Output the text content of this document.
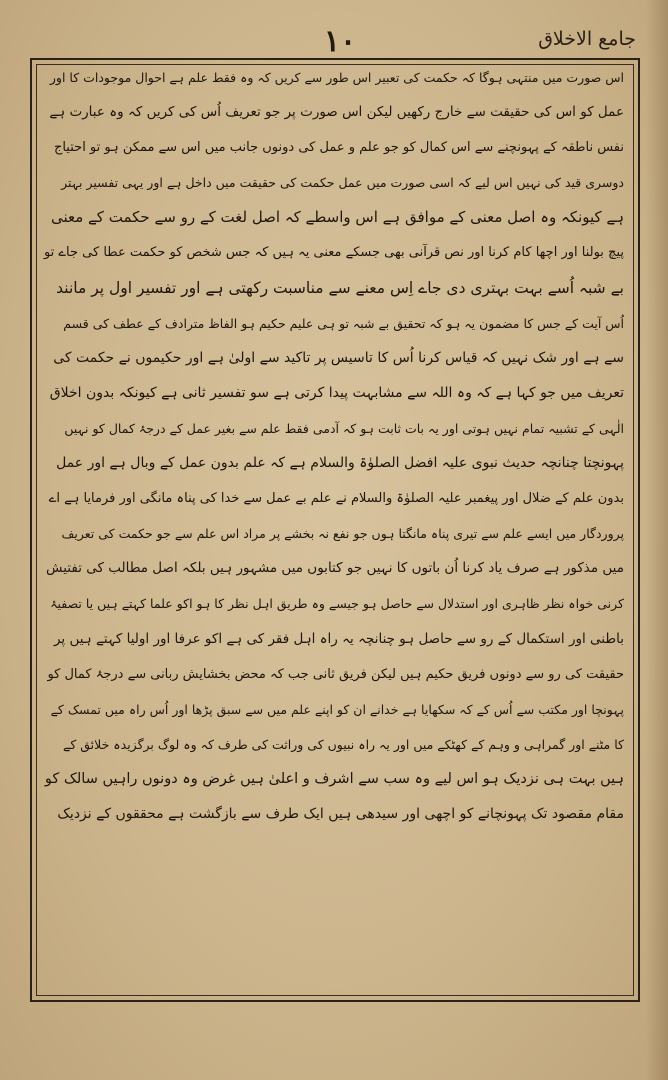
۱۰	جامع الاخلاق
اس صورت میں منتہی ہوگا کہ حکمت کی تعبیر اس طور سے کریں کہ وہ فقط علم ہے احوال موجودات کا اور
عمل کو اس کی حقیقت سے خارج رکھیں لیکن اس صورت پر جو تعریف اُس کی کریں کہ وہ عبارت ہے
نفس ناطقہ کے پہونچنے سے اس کمال کو جو علم و عمل کی دونوں جانب میں اس سے ممکن ہو تو احتیاج
دوسری قید کی نہیں اس لیے کہ اسی صورت میں عمل حکمت کی حقیقت میں داخل ہے اور یہی تفسیر بہتر
ہے کیونکہ وہ اصل معنی کے موافق ہے اس واسطے کہ اصل لغت کے رو سے حکمت کے معنی
پیچ بولنا اور اچھا کام کرنا اور نص قرآنی بھی جسکے معنی یہ ہیں کہ جس شخص کو حکمت عطا کی جاے تو
بے شبہ اُسے بہت بہتری دی جاے اِس معنے سے مناسبت رکھتی ہے اور تفسیر اول پر مانند
اُس آیت کے جس کا مضمون یہ ہو کہ تحقیق بے شبہ تو ہی علیم حکیم ہو الفاظ مترادف کے عطف کی قسم
سے ہے اور شک نہیں کہ قیاس کرنا اُس کا تاسیس پر تاکید سے اولیٰ ہے اور حکیموں نے حکمت کی
تعریف میں جو کہا ہے کہ وہ اللہ سے مشابہت پیدا کرتی ہے سو تفسیر ثانی ہے کیونکہ بدون اخلاق
الٰہی کے تشبیہ تمام نہیں ہوتی اور یہ بات ثابت ہو کہ آدمی فقط علم سے بغیر عمل کے درجۂ کمال کو نہیں
پہونچتا چنانچہ حدیث نبوی علیہ افضل الصلوٰۃ والسلام ہے کہ علم بدون عمل کے وبال ہے اور عمل
بدون علم کے ضلال اور پیغمبر علیہ الصلوٰۃ والسلام نے علم بے عمل سے خدا کی پناہ مانگی اور فرمایا ہے اے
پروردگار میں ایسے علم سے تیری پناہ مانگتا ہوں جو نفع نہ بخشے پر مراد اس علم سے جو حکمت کی تعریف
میں مذکور ہے صرف یاد کرنا اُن باتوں کا نہیں جو کتابوں میں مشہور ہیں بلکہ اصل مطالب کی تفتیش
کرنی خواہ نظر ظاہری اور استدلال سے حاصل ہو جیسے وہ طریق اہل نظر کا ہو اکو علما کہتے ہیں یا تصفیۂ
باطنی اور استکمال کے رو سے حاصل ہو چنانچہ یہ راہ اہل فقر کی ہے اکو عرفا اور اولیا کہتے ہیں پر
حقیقت کی رو سے دونوں فریق حکیم ہیں لیکن فریق ثانی جب کہ محض بخشایش ربانی سے درجۂ کمال کو
پہونچا اور مکتب سے اُس کے کہ سکھایا ہے خدانے ان کو اپنے علم میں سے سبق پڑھا اور اُس راہ میں تمسک کے
کا مٹنے اور گمراہی و وہم کے کھٹکے میں اور یہ راہ نبیوں کی وراثت کی طرف کہ وہ لوگ برگزیدہ خلائق کے
ہیں بہت ہی نزدیک ہو اس لیے وہ سب سے اشرف و اعلیٰ ہیں غرض وہ دونوں راہیں سالک کو
مقام مقصود تک پہونچانے کو اچھی اور سیدھی ہیں ایک طرف سے بازگشت ہے محققوں کے نزدیک
